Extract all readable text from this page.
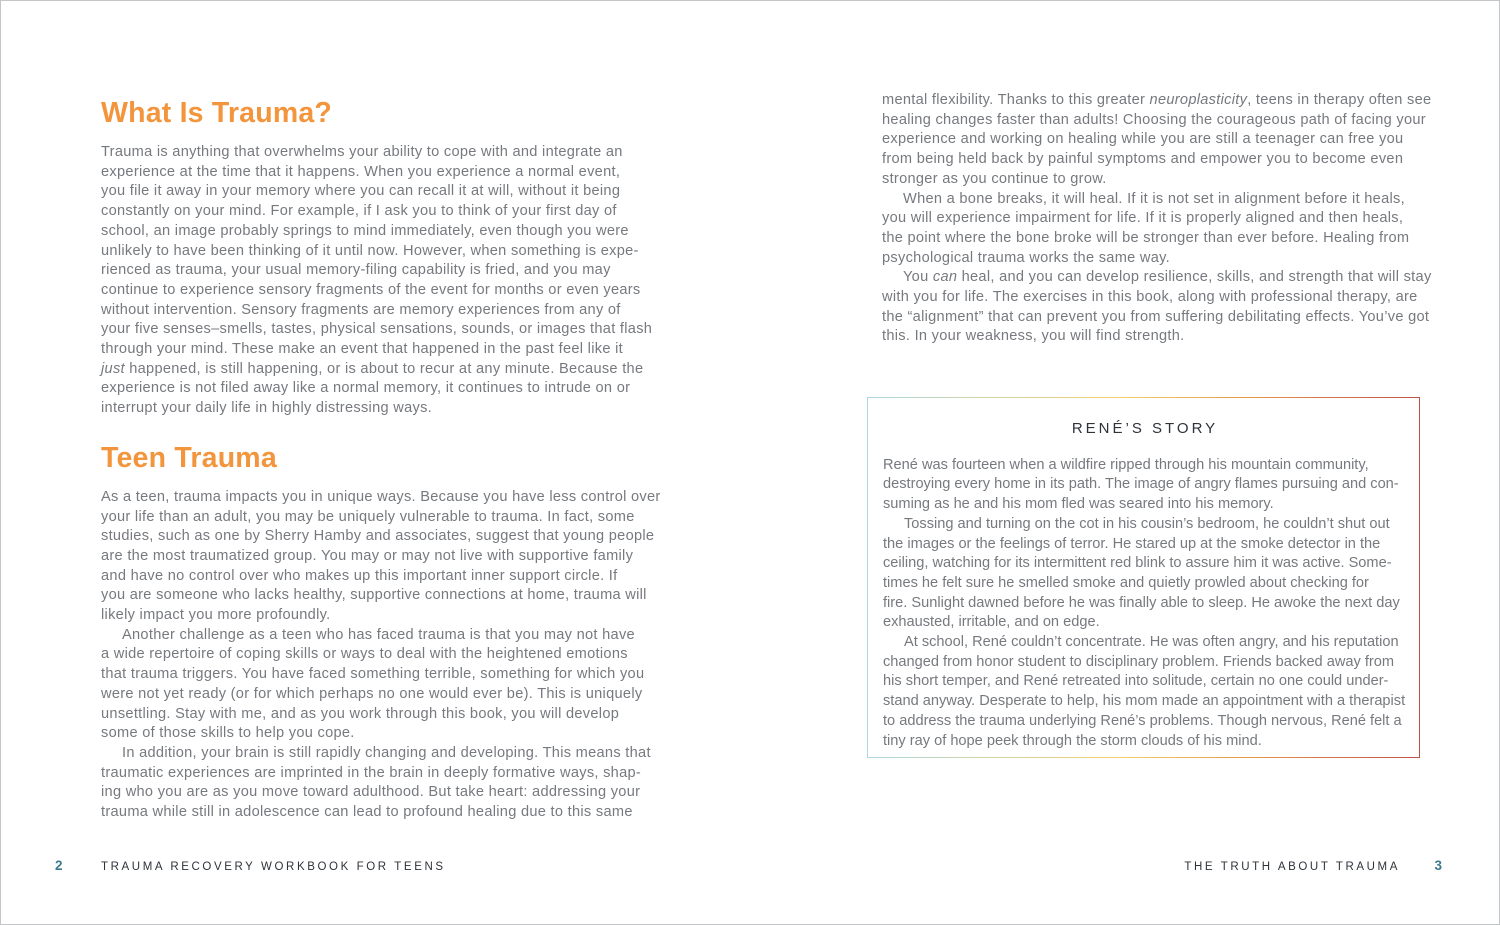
What Is Trauma?

Trauma is anything that overwhelms your ability to cope with and integrate an
experience at the time that it happens. When you experience a normal event,
you file it away in your memory where you can recall it at will, without it being
constantly on your mind. For example, if I ask you to think of your first day of
school, an image probably springs to mind immediately, even though you were
unlikely to have been thinking of it until now. However, when something is expe-
rienced as trauma, your usual memory-filing capability is fried, and you may
continue to experience sensory fragments of the event for months or even years
without intervention. Sensory fragments are memory experiences from any of
your five senses–smells, tastes, physical sensations, sounds, or images that flash
through your mind. These make an event that happened in the past feel like it
just happened, is still happening, or is about to recur at any minute. Because the
experience is not filed away like a normal memory, it continues to intrude on or
interrupt your daily life in highly distressing ways.

Teen Trauma

As a teen, trauma impacts you in unique ways. Because you have less control over
your life than an adult, you may be uniquely vulnerable to trauma. In fact, some
studies, such as one by Sherry Hamby and associates, suggest that young people
are the most traumatized group. You may or may not live with supportive family
and have no control over who makes up this important inner support circle. If
you are someone who lacks healthy, supportive connections at home, trauma will
likely impact you more profoundly.

Another challenge as a teen who has faced trauma is that you may not have
a wide repertoire of coping skills or ways to deal with the heightened emotions
that trauma triggers. You have faced something terrible, something for which you
were not yet ready (or for which perhaps no one would ever be). This is uniquely
unsettling. Stay with me, and as you work through this book, you will develop
some of those skills to help you cope.

In addition, your brain is still rapidly changing and developing. This means that
traumatic experiences are imprinted in the brain in deeply formative ways, shap-
ing who you are as you move toward adulthood. But take heart: addressing your
trauma while still in adolescence can lead to profound healing due to this same

mental flexibility. Thanks to this greater neuroplasticity, teens in therapy often see
healing changes faster than adults! Choosing the courageous path of facing your
experience and working on healing while you are still a teenager can free you
from being held back by painful symptoms and empower you to become even
stronger as you continue to grow.

When a bone breaks, it will heal. If it is not set in alignment before it heals,
you will experience impairment for life. If it is properly aligned and then heals,
the point where the bone broke will be stronger than ever before. Healing from
psychological trauma works the same way.

You can heal, and you can develop resilience, skills, and strength that will stay
with you for life. The exercises in this book, along with professional therapy, are
the “alignment” that can prevent you from suffering debilitating effects. You’ve got
this. In your weakness, you will find strength.

RENÉ’S STORY

René was fourteen when a wildfire ripped through his mountain community,
destroying every home in its path. The image of angry flames pursuing and con-
suming as he and his mom fled was seared into his memory.

Tossing and turning on the cot in his cousin’s bedroom, he couldn’t shut out
the images or the feelings of terror. He stared up at the smoke detector in the
ceiling, watching for its intermittent red blink to assure him it was active. Some-
times he felt sure he smelled smoke and quietly prowled about checking for
fire. Sunlight dawned before he was finally able to sleep. He awoke the next day
exhausted, irritable, and on edge.

At school, René couldn’t concentrate. He was often angry, and his reputation
changed from honor student to disciplinary problem. Friends backed away from
his short temper, and René retreated into solitude, certain no one could under-
stand anyway. Desperate to help, his mom made an appointment with a therapist
to address the trauma underlying René’s problems. Though nervous, René felt a
tiny ray of hope peek through the storm clouds of his mind.

2	TRAUMA RECOVERY WORKBOOK FOR TEENS	THE TRUTH ABOUT TRAUMA	3
